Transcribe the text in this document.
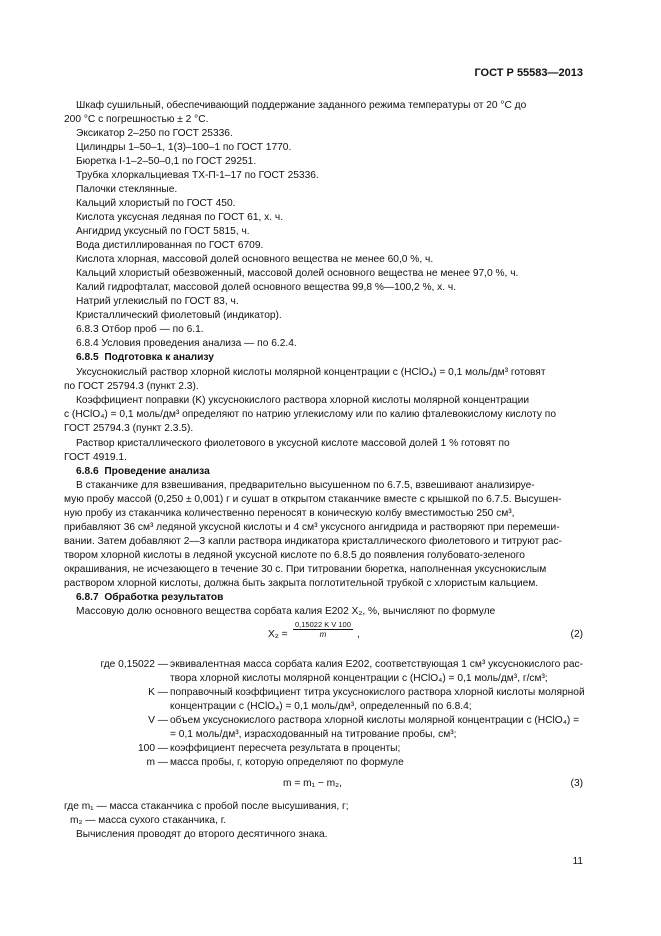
ГОСТ Р 55583—2013
Шкаф сушильный, обеспечивающий поддержание заданного режима температуры от 20 °C до
200 °C с погрешностью ± 2 °C.
Эксикатор 2–250 по ГОСТ 25336.
Цилиндры 1–50–1, 1(3)–100–1 по ГОСТ 1770.
Бюретка I-1–2–50–0,1 по ГОСТ 29251.
Трубка хлоркальциевая ТХ-П-1–17 по ГОСТ 25336.
Палочки стеклянные.
Кальций хлористый по ГОСТ 450.
Кислота уксусная ледяная по ГОСТ 61, х. ч.
Ангидрид уксусный по ГОСТ 5815, ч.
Вода дистиллированная по ГОСТ 6709.
Кислота хлорная, массовой долей основного вещества не менее 60,0 %, ч.
Кальций хлористый обезвоженный, массовой долей основного вещества не менее 97,0 %, ч.
Калий гидрофталат, массовой долей основного вещества 99,8 %—100,2 %, х. ч.
Натрий углекислый по ГОСТ 83, ч.
Кристаллический фиолетовый (индикатор).
6.8.3 Отбор проб — по 6.1.
6.8.4 Условия проведения анализа — по 6.2.4.
6.8.5 Подготовка к анализу
Уксуснокислый раствор хлорной кислоты молярной концентрации c (HClO₄) = 0,1 моль/дм³ готовят
по ГОСТ 25794.3 (пункт 2.3).
Коэффициент поправки (K) уксуснокислого раствора хлорной кислоты молярной концентрации
c (HClO₄) = 0,1 моль/дм³ определяют по натрию углекислому или по калию фталевокислому кислоту по
ГОСТ 25794.3 (пункт 2.3.5).
Раствор кристаллического фиолетового в уксусной кислоте массовой долей 1 % готовят по
ГОСТ 4919.1.
6.8.6 Проведение анализа
В стаканчике для взвешивания, предварительно высушенном по 6.7.5, взвешивают анализируе-
мую пробу массой (0,250 ± 0,001) г и сушат в открытом стаканчике вместе с крышкой по 6.7.5. Высушен-
ную пробу из стаканчика количественно переносят в коническую колбу вместимостью 250 см³,
прибавляют 36 см³ ледяной уксусной кислоты и 4 см³ уксусного ангидрида и растворяют при перемеши-
вании. Затем добавляют 2—3 капли раствора индикатора кристаллического фиолетового и титруют рас-
твором хлорной кислоты в ледяной уксусной кислоте по 6.8.5 до появления голубовато-зеленого
окрашивания, не исчезающего в течение 30 с. При титровании бюретка, наполненная уксуснокислым
раствором хлорной кислоты, должна быть закрыта поглотительной трубкой с хлористым кальцием.
6.8.7 Обработка результатов
Массовую долю основного вещества сорбата калия Е202 X₂, %, вычисляют по формуле
$X_2 = \frac{\text{0,15022 K V 100}}{m}$ ,	(2)
где 0,15022 — эквивалентная масса сорбата калия Е202, соответствующая 1 см³ уксуснокислого рас-
твора хлорной кислоты молярной концентрации c (HClO₄) = 0,1 моль/дм³, г/см³;
K — поправочный коэффициент титра уксуснокислого раствора хлорной кислоты молярной
концентрации c (HClO₄) = 0,1 моль/дм³, определенный по 6.8.4;
V — объем уксуснокислого раствора хлорной кислоты молярной концентрации c (HClO₄) =
= 0,1 моль/дм³, израсходованный на титрование пробы, см³;
100 — коэффициент пересчета результата в проценты;
m — масса пробы, г, которую определяют по формуле
m = m₁ − m₂,	(3)
где m₁ — масса стаканчика с пробой после высушивания, г;
m₂ — масса сухого стаканчика, г.
Вычисления проводят до второго десятичного знака.
11
